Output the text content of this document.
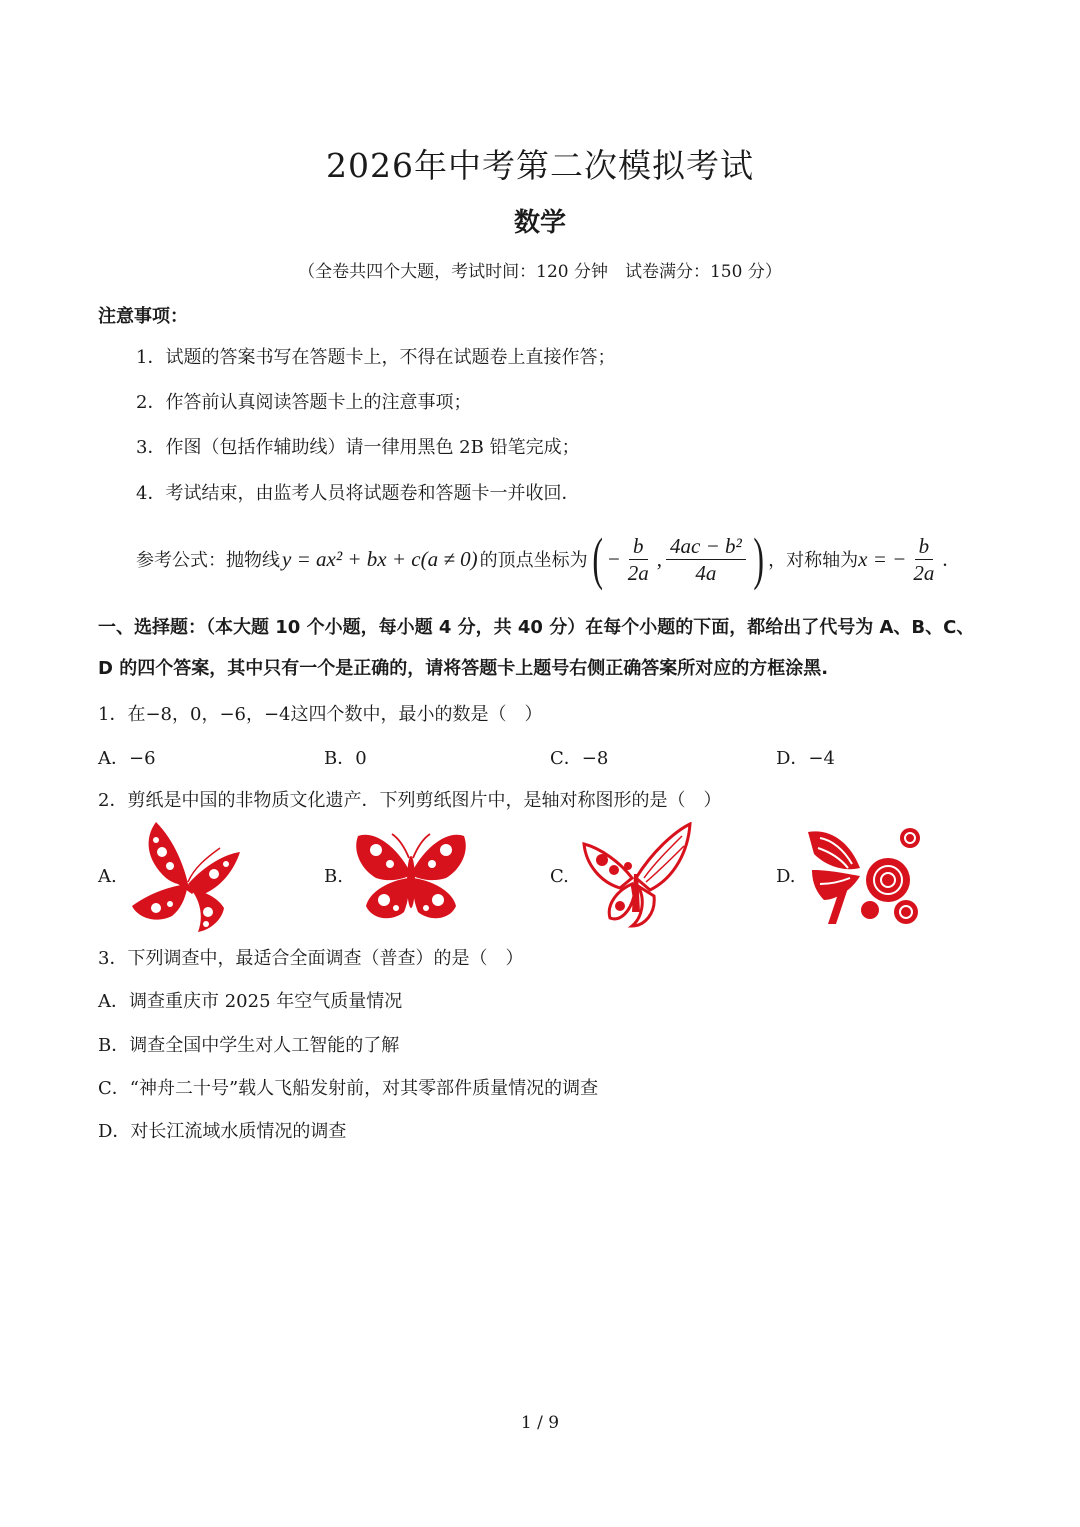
2026年中考第二次模拟考试
数学
（全卷共四个大题，考试时间：120 分钟　试卷满分：150 分）
注意事项：
1．试题的答案书写在答题卡上，不得在试题卷上直接作答；
2．作答前认真阅读答题卡上的注意事项；
3．作图（包括作辅助线）请一律用黑色 2B 铅笔完成；
4．考试结束，由监考人员将试题卷和答题卡一并收回．
参考公式：抛物线 y = ax² + bx + c(a ≠ 0) 的顶点坐标为 ( − $\frac{b}{2a}$ , $\frac{\text{4ac − b²}}{4a}$ ) ，对称轴为 x = − $\frac{b}{2a}$ .
一、选择题：（本大题 10 个小题，每小题 4 分，共 40 分）在每个小题的下面，都给出了代号为 A、B、C、
D 的四个答案，其中只有一个是正确的，请将答题卡上题号右侧正确答案所对应的方框涂黑.
1．在−8，0，−6，−4这四个数中，最小的数是（　）
A．−6	B．0	C．−8	D．−4
2．剪纸是中国的非物质文化遗产．下列剪纸图片中，是轴对称图形的是（　）
A.	B.	C.	D.
3．下列调查中，最适合全面调查（普查）的是（　）
A．调查重庆市 2025 年空气质量情况
B．调查全国中学生对人工智能的了解
C．“神舟二十号”载人飞船发射前，对其零部件质量情况的调查
D．对长江流域水质情况的调查
1 / 9
